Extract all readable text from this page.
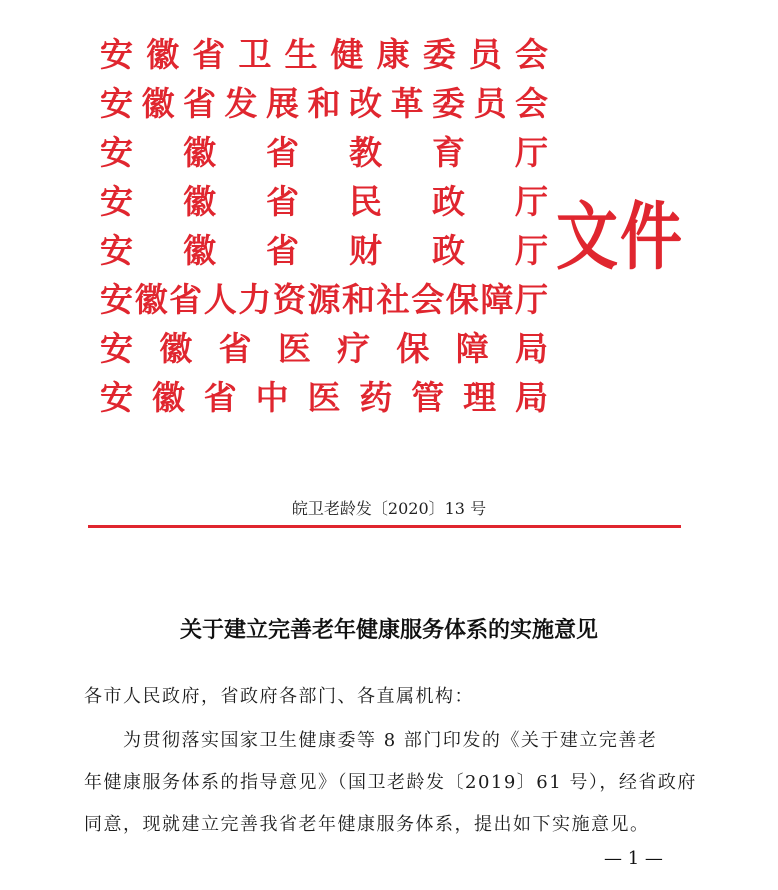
安 徽 省 卫 生 健 康 委 员 会
安 徽 省 发 展 和 改 革 委 员 会
安 徽 省 教 育 厅
安 徽 省 民 政 厅
安 徽 省 财 政 厅
安 徽 省 人 力 资 源 和 社 会 保 障 厅
安 徽 省 医 疗 保 障 局
安 徽 省 中 医 药 管 理 局
文件
皖卫老龄发〔2020〕13 号
关于建立完善老年健康服务体系的实施意见
各市人民政府，省政府各部门、各直属机构：
　　为贯彻落实国家卫生健康委等 8 部门印发的《关于建立完善老
年健康服务体系的指导意见》（国卫老龄发〔2019〕61 号），经省政府
同意，现就建立完善我省老年健康服务体系，提出如下实施意见。
— 1 —
